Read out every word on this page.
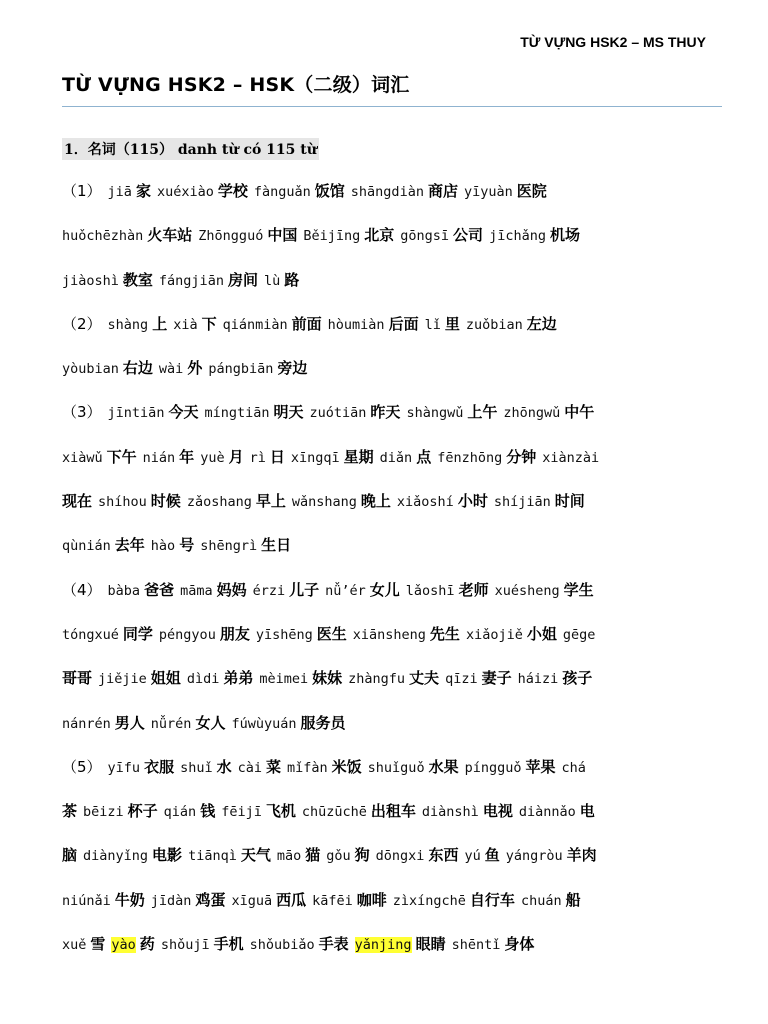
TỪ VỰNG HSK2 – MS THUY
TỪ VỰNG HSK2 – HSK（二级）词汇
1．名词（115） danh từ có 115 từ
（1） jiā 家 xuéxiào 学校 fànguǎn 饭馆 shāngdiàn 商店 yīyuàn 医院
huǒchēzhàn 火车站 Zhōngguó 中国 Běijīng 北京 gōngsī 公司 jīchǎng 机场
jiàoshì 教室 fángjiān 房间 lù 路
（2） shàng 上 xià 下 qiánmiàn 前面 hòumiàn 后面 lǐ 里 zuǒbian 左边
yòubian 右边 wài 外 pángbiān 旁边
（3） jīntiān 今天 míngtiān 明天 zuótiān 昨天 shàngwǔ 上午 zhōngwǔ 中午
xiàwǔ 下午 nián 年 yuè 月 rì 日 xīngqī 星期 diǎn 点 fēnzhōng 分钟 xiànzài
现在 shíhou 时候 zǎoshang 早上 wǎnshang 晚上 xiǎoshí 小时 shíjiān 时间
qùnián 去年 hào 号 shēngrì 生日
（4） bàba 爸爸 māma 妈妈 érzi 儿子 nǚ’ér 女儿 lǎoshī 老师 xuésheng 学生
tóngxué 同学 péngyou 朋友 yīshēng 医生 xiānsheng 先生 xiǎojiě 小姐 gēge
哥哥 jiějie 姐姐 dìdi 弟弟 mèimei 妹妹 zhàngfu 丈夫 qīzi 妻子 háizi 孩子
nánrén 男人 nǚrén 女人 fúwùyuán 服务员
（5） yīfu 衣服 shuǐ 水 cài 菜 mǐfàn 米饭 shuǐguǒ 水果 píngguǒ 苹果 chá
茶 bēizi 杯子 qián 钱 fēijī 飞机 chūzūchē 出租车 diànshì 电视 diànnǎo 电
脑 diànyǐng 电影 tiānqì 天气 māo 猫 gǒu 狗 dōngxi 东西 yú 鱼 yángròu 羊肉
niúnǎi 牛奶 jīdàn 鸡蛋 xīguā 西瓜 kāfēi 咖啡 zìxíngchē 自行车 chuán 船
xuě 雪 yào 药 shǒujī 手机 shǒubiǎo 手表 yǎnjing 眼睛 shēntǐ 身体
